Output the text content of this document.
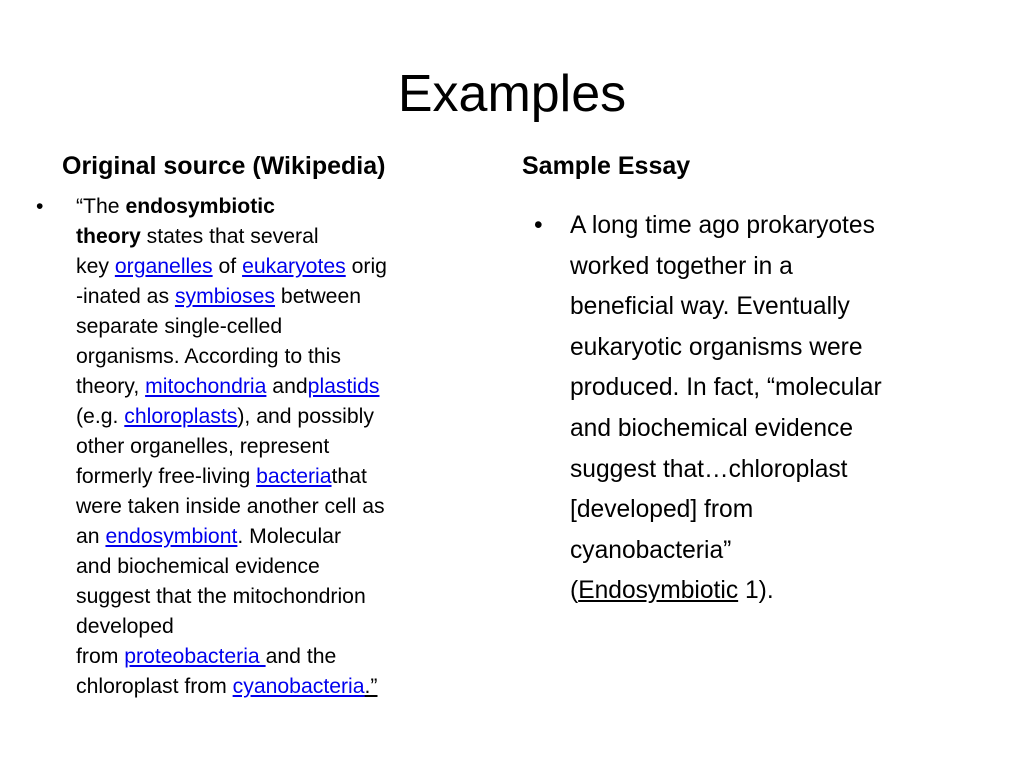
Examples
Original source (Wikipedia)	Sample Essay
• “The endosymbiotic
theory states that several
key organelles of eukaryotes orig
-inated as symbioses between
separate single-celled
organisms. According to this
theory, mitochondria andplastids
(e.g. chloroplasts), and possibly
other organelles, represent
formerly free-living bacteriathat
were taken inside another cell as
an endosymbiont. Molecular
and biochemical evidence
suggest that the mitochondrion
developed
from proteobacteria and the
chloroplast from cyanobacteria.”
• A long time ago prokaryotes
worked together in a
beneficial way. Eventually
eukaryotic organisms were
produced. In fact, “molecular
and biochemical evidence
suggest that…chloroplast
[developed] from
cyanobacteria”
(Endosymbiotic 1).
